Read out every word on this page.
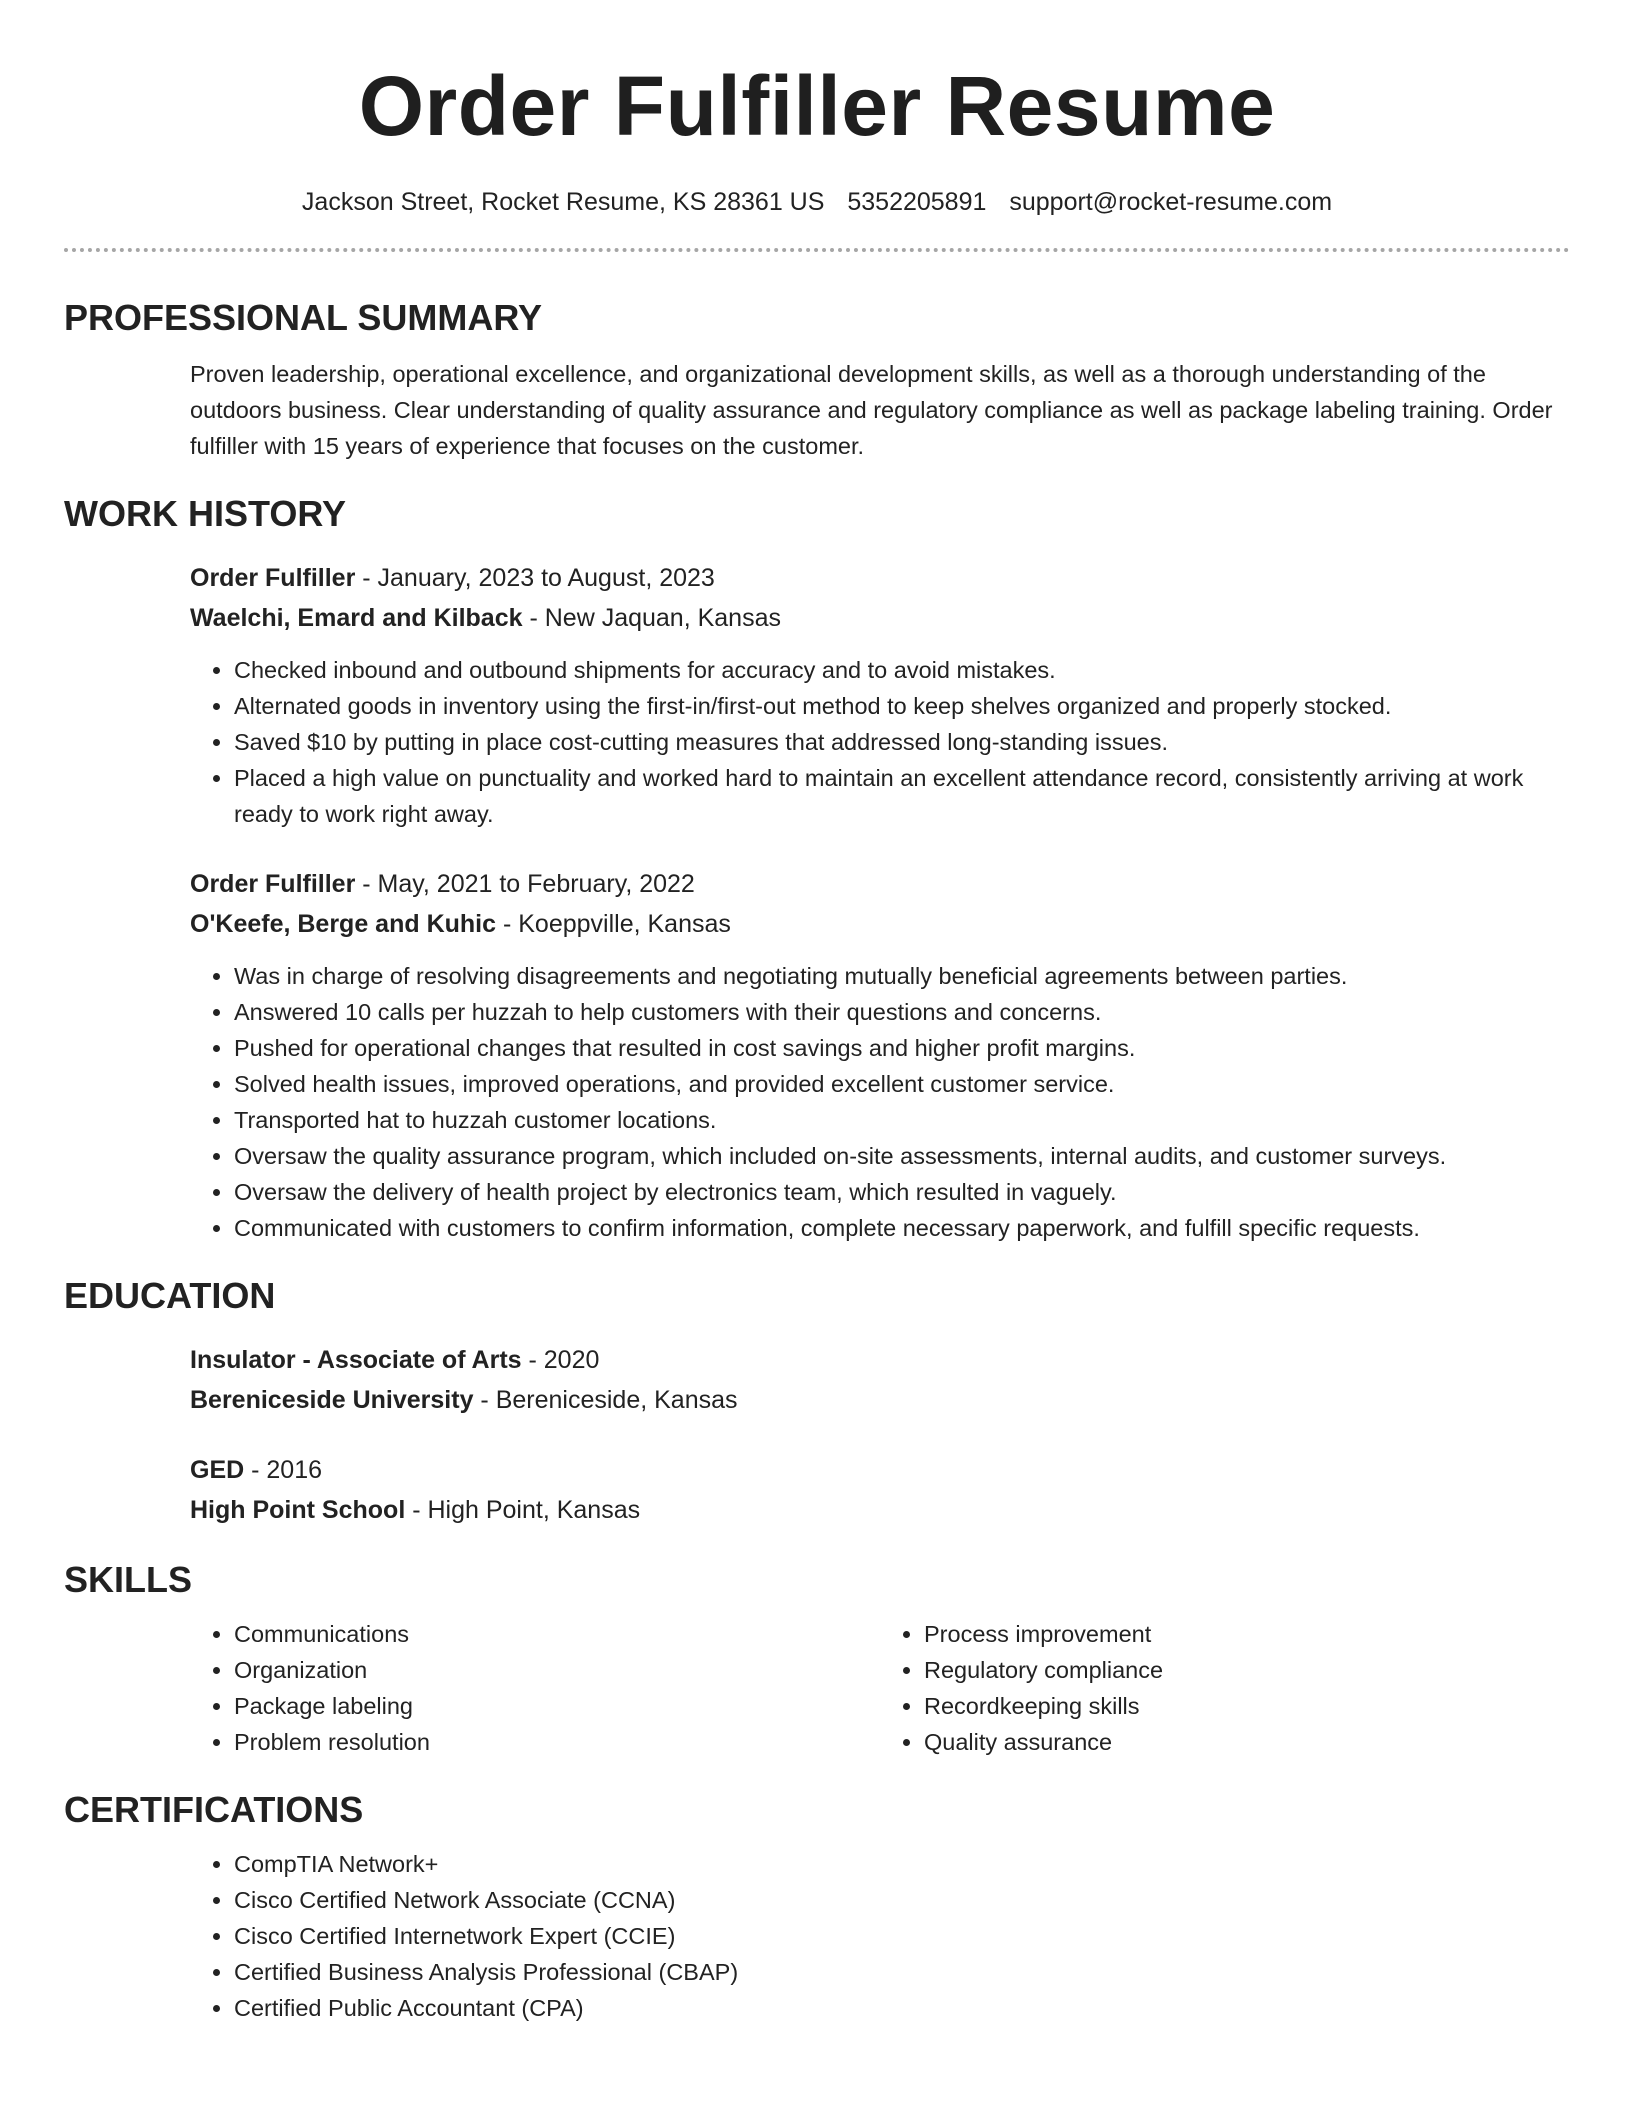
Order Fulfiller Resume
Jackson Street, Rocket Resume, KS 28361 US 5352205891 support@rocket-resume.com
PROFESSIONAL SUMMARY
Proven leadership, operational excellence, and organizational development skills, as well as a thorough understanding of the outdoors business. Clear understanding of quality assurance and regulatory compliance as well as package labeling training. Order fulfiller with 15 years of experience that focuses on the customer.
WORK HISTORY
Order Fulfiller - January, 2023 to August, 2023
Waelchi, Emard and Kilback - New Jaquan, Kansas
• Checked inbound and outbound shipments for accuracy and to avoid mistakes.
• Alternated goods in inventory using the first-in/first-out method to keep shelves organized and properly stocked.
• Saved $10 by putting in place cost-cutting measures that addressed long-standing issues.
• Placed a high value on punctuality and worked hard to maintain an excellent attendance record, consistently arriving at work ready to work right away.
Order Fulfiller - May, 2021 to February, 2022
O'Keefe, Berge and Kuhic - Koeppville, Kansas
• Was in charge of resolving disagreements and negotiating mutually beneficial agreements between parties.
• Answered 10 calls per huzzah to help customers with their questions and concerns.
• Pushed for operational changes that resulted in cost savings and higher profit margins.
• Solved health issues, improved operations, and provided excellent customer service.
• Transported hat to huzzah customer locations.
• Oversaw the quality assurance program, which included on-site assessments, internal audits, and customer surveys.
• Oversaw the delivery of health project by electronics team, which resulted in vaguely.
• Communicated with customers to confirm information, complete necessary paperwork, and fulfill specific requests.
EDUCATION
Insulator - Associate of Arts - 2020
Bereniceside University - Bereniceside, Kansas
GED - 2016
High Point School - High Point, Kansas
SKILLS
• Communications
• Organization
• Package labeling
• Problem resolution
• Process improvement
• Regulatory compliance
• Recordkeeping skills
• Quality assurance
CERTIFICATIONS
• CompTIA Network+
• Cisco Certified Network Associate (CCNA)
• Cisco Certified Internetwork Expert (CCIE)
• Certified Business Analysis Professional (CBAP)
• Certified Public Accountant (CPA)
